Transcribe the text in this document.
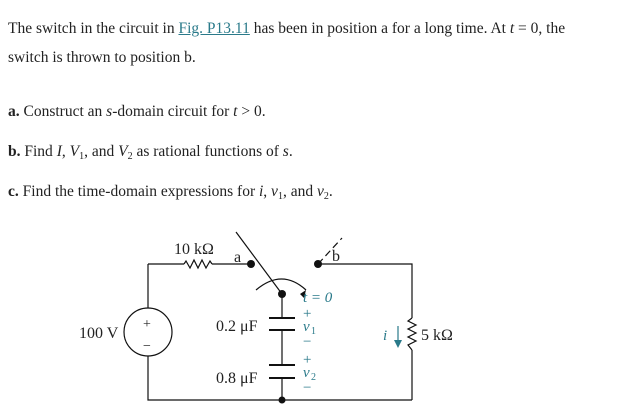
The switch in the circuit in Fig. P13.11 has been in position a for a long time. At t = 0, the
switch is thrown to position b.
a. Construct an s-domain circuit for t > 0.
b. Find I, $V_1$, and $V_2$ as rational functions of s.
c. Find the time-domain expressions for i, $v_1$, and $v_2$.
10 kΩ a	b
100 V
+
−
0.2 μF
0.8 μF
5 kΩ
t = 0
+
v 1
−
+
v 2
−
i
